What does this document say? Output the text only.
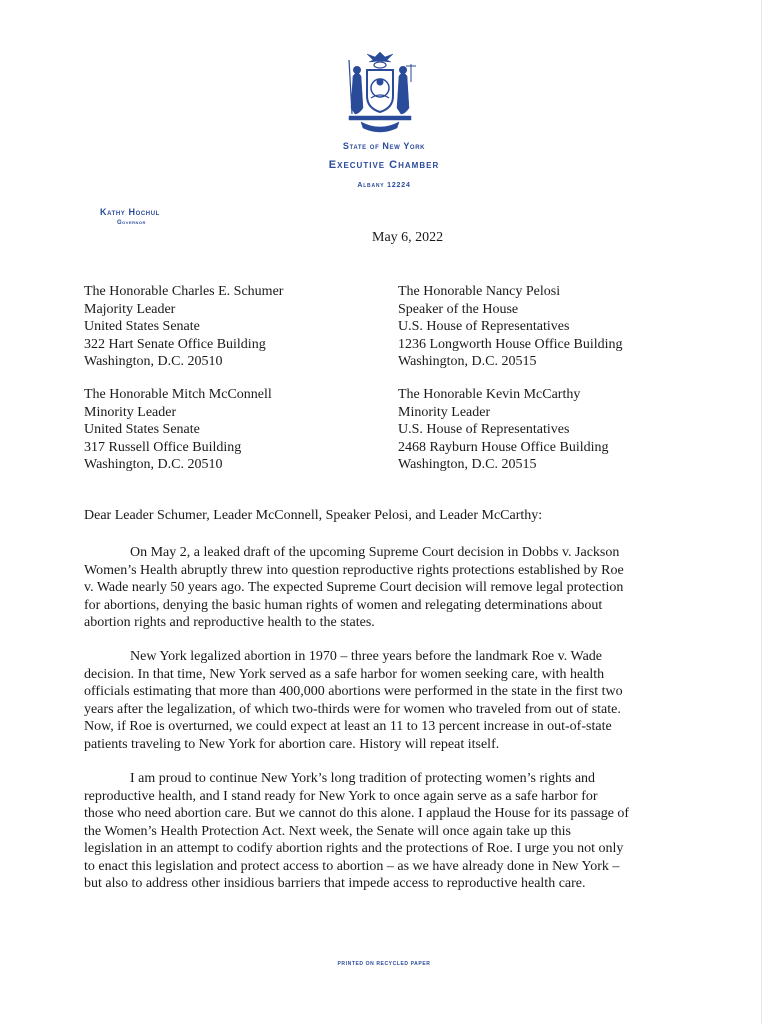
State of New York
Executive Chamber
Albany 12224
Kathy Hochul
Governor
May 6, 2022
The Honorable Charles E. Schumer
Majority Leader
United States Senate
322 Hart Senate Office Building
Washington, D.C. 20510
The Honorable Nancy Pelosi
Speaker of the House
U.S. House of Representatives
1236 Longworth House Office Building
Washington, D.C. 20515
The Honorable Mitch McConnell
Minority Leader
United States Senate
317 Russell Office Building
Washington, D.C. 20510
The Honorable Kevin McCarthy
Minority Leader
U.S. House of Representatives
2468 Rayburn House Office Building
Washington, D.C. 20515
Dear Leader Schumer, Leader McConnell, Speaker Pelosi, and Leader McCarthy:
On May 2, a leaked draft of the upcoming Supreme Court decision in Dobbs v. Jackson
Women’s Health abruptly threw into question reproductive rights protections established by Roe
v. Wade nearly 50 years ago. The expected Supreme Court decision will remove legal protection
for abortions, denying the basic human rights of women and relegating determinations about
abortion rights and reproductive health to the states.
New York legalized abortion in 1970 – three years before the landmark Roe v. Wade
decision. In that time, New York served as a safe harbor for women seeking care, with health
officials estimating that more than 400,000 abortions were performed in the state in the first two
years after the legalization, of which two-thirds were for women who traveled from out of state.
Now, if Roe is overturned, we could expect at least an 11 to 13 percent increase in out-of-state
patients traveling to New York for abortion care. History will repeat itself.
I am proud to continue New York’s long tradition of protecting women’s rights and
reproductive health, and I stand ready for New York to once again serve as a safe harbor for
those who need abortion care. But we cannot do this alone. I applaud the House for its passage of
the Women’s Health Protection Act. Next week, the Senate will once again take up this
legislation in an attempt to codify abortion rights and the protections of Roe. I urge you not only
to enact this legislation and protect access to abortion – as we have already done in New York –
but also to address other insidious barriers that impede access to reproductive health care.
PRINTED ON RECYCLED PAPER
